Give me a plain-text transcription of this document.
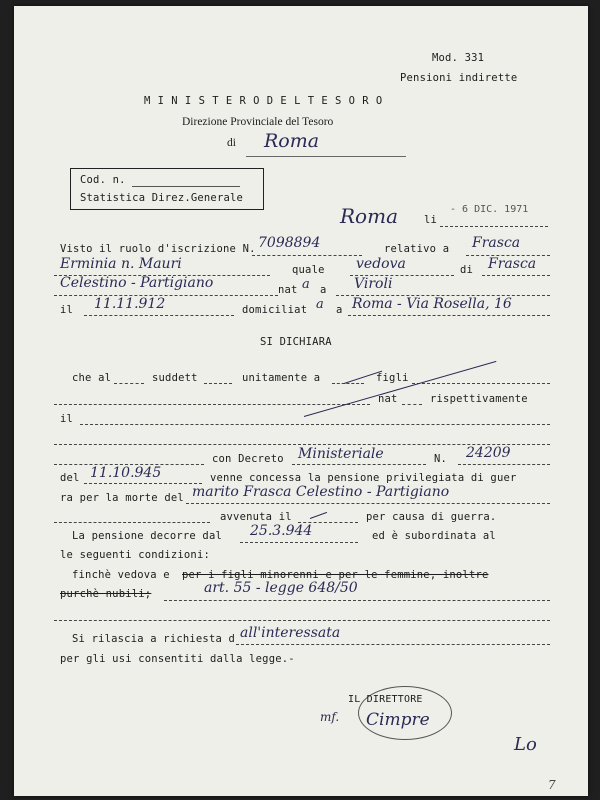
Mod. 331
Pensioni indirette
M I N I S T E R O D E L T E S O R O
Direzione Provinciale del Tesoro
di Roma
Cod. n.
Statistica Direz.Generale
Roma li
- 6 DIC. 1971
Visto il ruolo d'iscrizione N. 7098894	relativo a Frasca
Erminia n. Mauri	quale vedova	di Frasca
Celestino - Partigiano	nat a a Viroli
il 11.11.912	domiciliat a a Roma - Via Rosella, 16
SI DICHIARA
che al	suddett	unitamente a	figli
nat	rispettivamente
il
con Decreto Ministeriale	N. 24209
del 11.10.945	venne concessa la pensione privilegiata di guer
ra per la morte del marito Frasca Celestino - Partigiano
avvenuta il	per causa di guerra.
La pensione decorre dal 25.3.944	ed è subordinata al
le seguenti condizioni:
finchè vedova e per i figli minorenni e per le femmine, inoltre
purchè nubili;	art. 55 - legge 648/50
Si rilascia a richiesta d all'interessata
per gli usi consentiti dalla legge.-
IL DIRETTORE
mf. Cimpre
Lo
7
